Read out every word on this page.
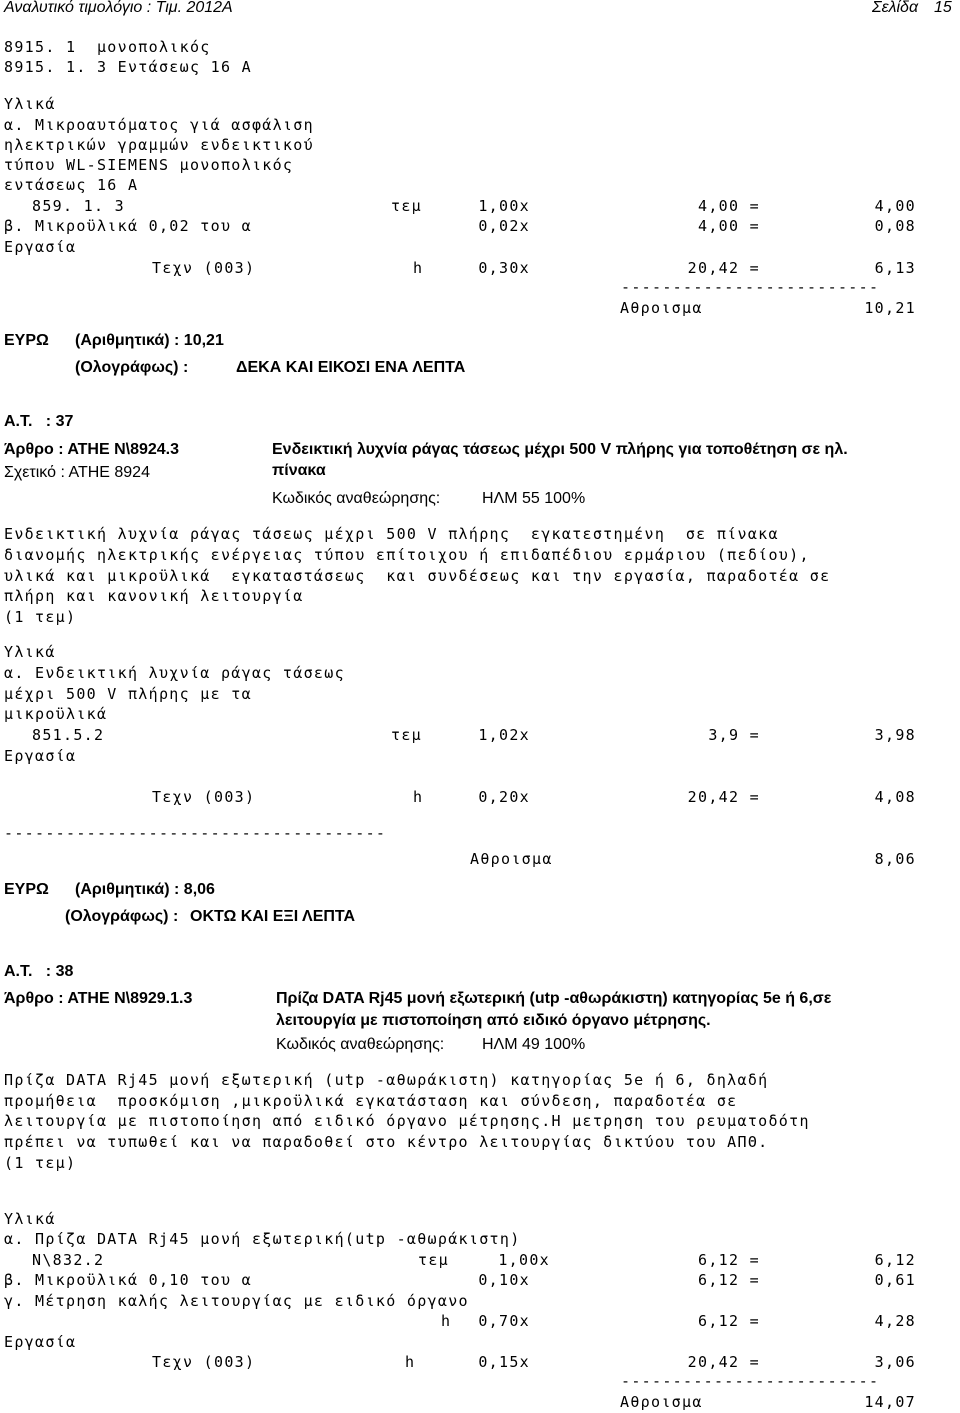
Αναλυτικό τιμολόγιο : Τιμ. 2012Α	Σελίδα 15
8915. 1  μονοπολικός
8915. 1. 3 Εντάσεως 16 Α
Υλικά
α. Μικροαυτόματος γιά ασφάλιση
ηλεκτρικών γραμμών ενδεικτικού
τύπου WL-SIEMENS μονοπολικός
εντάσεως 16 Α
859. 1. 3	τεμ	1,00x	4,00 =	4,00
β. Μικροϋλικά 0,02 του α	0,02x	4,00 =	0,08
Εργασία
Τεχν (003)	h	0,30x	20,42 =	6,13
-------------------------
Αθροισμα	10,21
ΕΥΡΩ (Αριθμητικά) : 10,21
(Ολογράφως) :	ΔΕΚΑ ΚΑΙ ΕΙΚΟΣΙ ΕΝΑ ΛΕΠΤΑ
Α.Τ.   : 37
Άρθρο : ΑΤΗΕ Ν\8924.3
Σχετικό : ΑΤΗΕ 8924
Ενδεικτική λυχνία ράγας τάσεως μέχρι 500 V πλήρης για τοποθέτηση σε ηλ.
πίνακα
Κωδικός αναθεώρησης:	ΗΛΜ 55 100%
Ενδεικτική λυχνία ράγας τάσεως μέχρι 500 V πλήρης  εγκατεστημένη  σε πίνακα
διανομής ηλεκτρικής ενέργειας τύπου επίτοιχου ή επιδαπέδιου ερμάριου (πεδίου),
υλικά και μικροϋλικά  εγκαταστάσεως  και συνδέσεως και την εργασία, παραδοτέα σε
πλήρη και κανονική λειτουργία
(1 τεμ)
Υλικά
α. Ενδεικτική λυχνία ράγας τάσεως
μέχρι 500 V πλήρης με τα
μικροϋλικά
851.5.2	τεμ	1,02x	3,9 =	3,98
Εργασία
Τεχν (003)	h	0,20x	20,42 =	4,08
-------------------------------------
Αθροισμα	8,06
ΕΥΡΩ (Αριθμητικά) : 8,06
(Ολογράφως) : ΟΚΤΩ ΚΑΙ ΕΞΙ ΛΕΠΤΑ
Α.Τ.   : 38
Άρθρο : ΑΤΗΕ Ν\8929.1.3	Πρίζα DATA Rj45 μονή εξωτερική (utp -αθωράκιστη) κατηγορίας 5e ή 6,σε
λειτουργία με πιστοποίηση από ειδικό όργανο μέτρησης.
Κωδικός αναθεώρησης: ΗΛΜ 49 100%
Πρίζα DATA Rj45 μονή εξωτερική (utp -αθωράκιστη) κατηγορίας 5e ή 6, δηλαδή
προμήθεια  προσκόμιση ,μικροϋλικά εγκατάσταση και σύνδεση, παραδοτέα σε
λειτουργία με πιστοποίηση από ειδικό όργανο μέτρησης.Η μετρηση του ρευματοδότη
πρέπει να τυπωθεί και να παραδοθεί στο κέντρο λειτουργίας δικτύου του ΑΠΘ.
(1 τεμ)
Υλικά
α. Πρίζα DATA Rj45 μονή εξωτερική(utp -αθωράκιστη)
Ν\832.2	τεμ	1,00x	6,12 =	6,12
β. Μικροϋλικά 0,10 του α	0,10x	6,12 =	0,61
γ. Μέτρηση καλής λειτουργίας με ειδικό όργανο
h	0,70x	6,12 =	4,28
Εργασία
Τεχν (003)	h	0,15x	20,42 =	3,06
-------------------------
Αθροισμα	14,07
